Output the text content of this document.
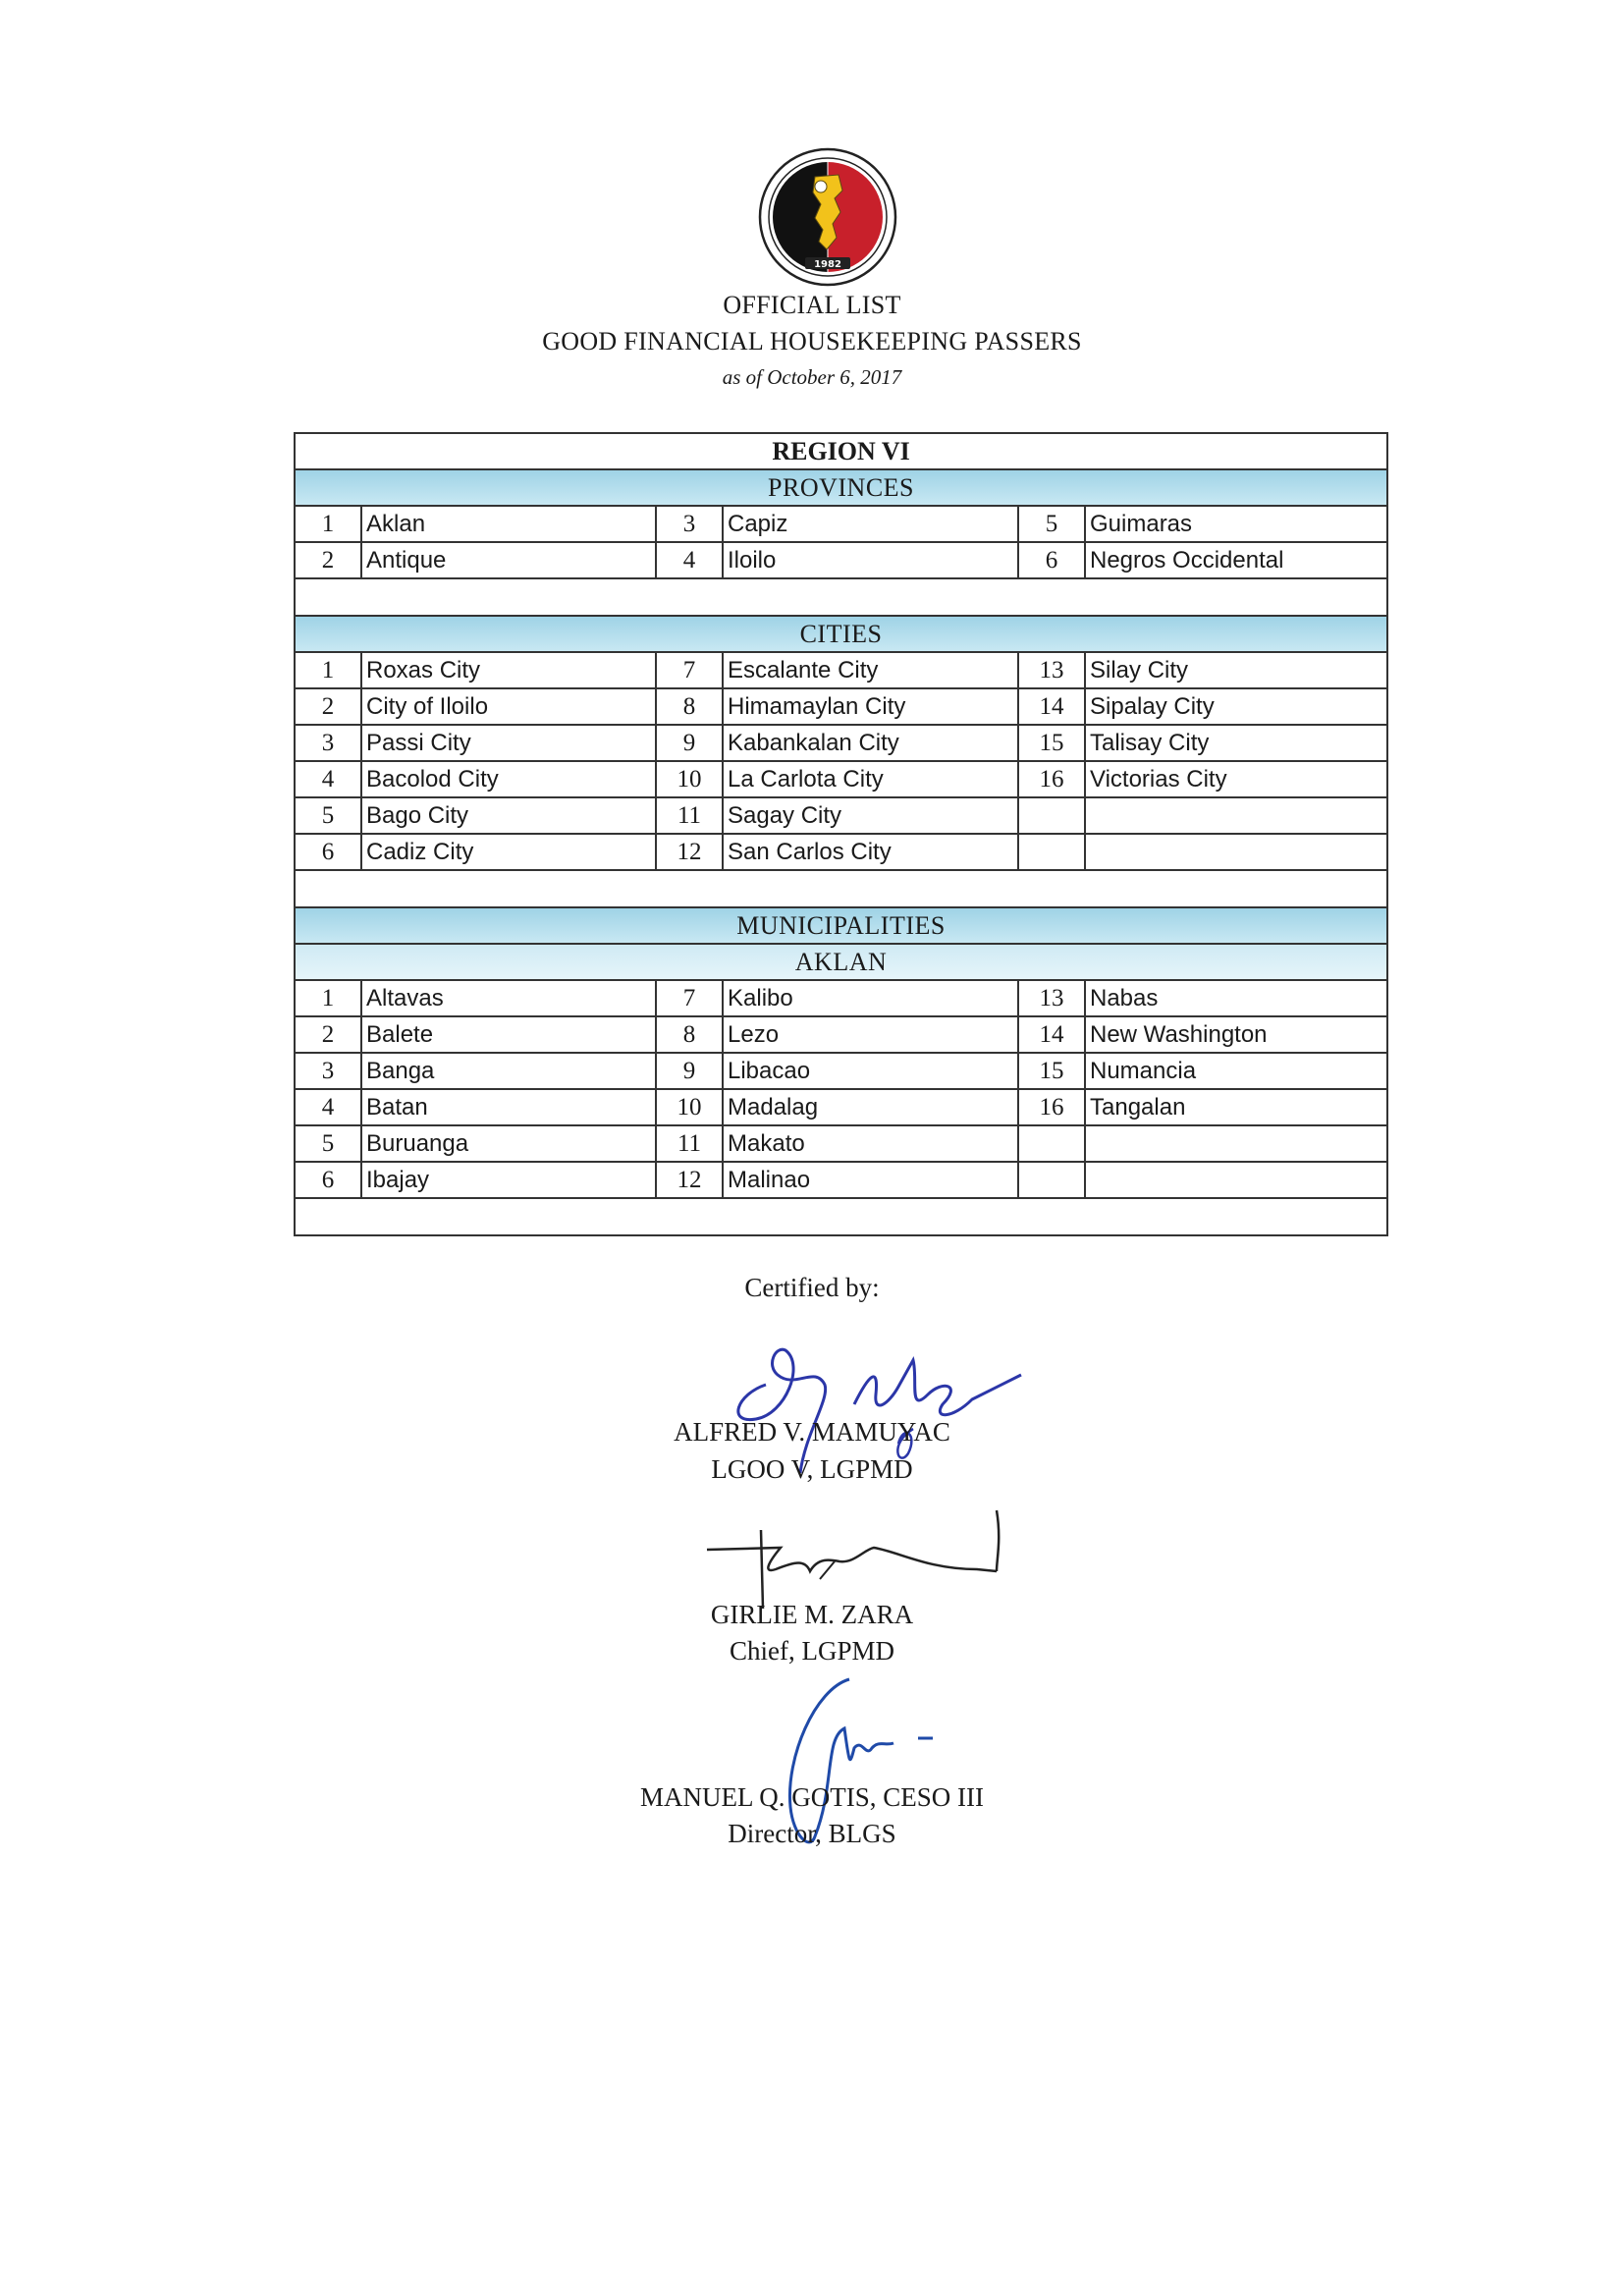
1982
OFFICIAL LIST
GOOD FINANCIAL HOUSEKEEPING PASSERS
as of October 6, 2017
REGION VI					
PROVINCES					
1	Aklan	3	Capiz	5	Guimaras
2	Antique	4	Iloilo	6	Negros Occidental

CITIES					
1	Roxas City	7	Escalante City	13	Silay City
2	City of Iloilo	8	Himamaylan City	14	Sipalay City
3	Passi City	9	Kabankalan City	15	Talisay City
4	Bacolod City	10	La Carlota City	16	Victorias City
5	Bago City	11	Sagay City		
6	Cadiz City	12	San Carlos City		

MUNICIPALITIES					
AKLAN					
1	Altavas	7	Kalibo	13	Nabas
2	Balete	8	Lezo	14	New Washington
3	Banga	9	Libacao	15	Numancia
4	Batan	10	Madalag	16	Tangalan
5	Buruanga	11	Makato		
6	Ibajay	12	Malinao		

Certified by:
ALFRED V. MAMUYAC
LGOO V, LGPMD
GIRLIE M. ZARA
Chief, LGPMD
MANUEL Q. GOTIS, CESO III
Director, BLGS
